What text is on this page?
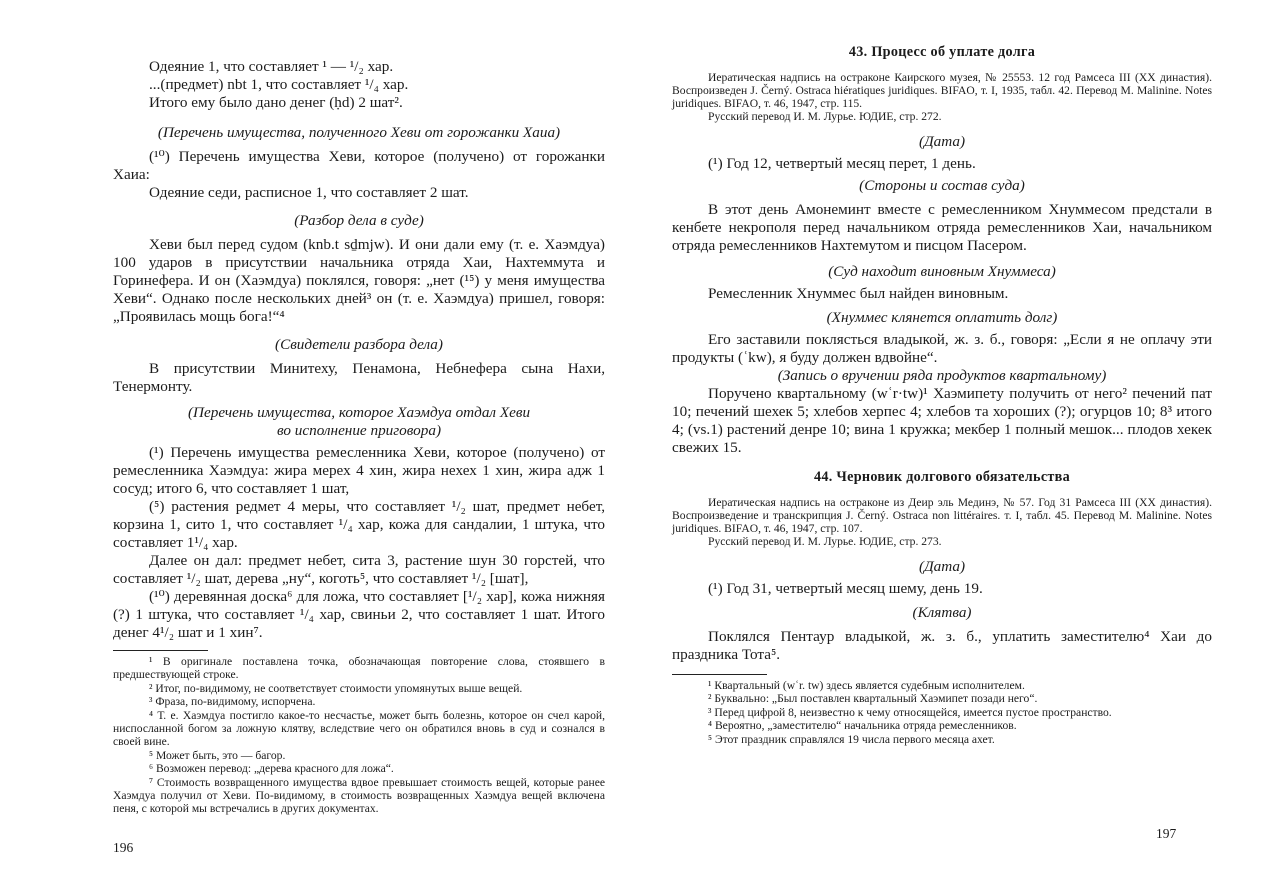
Одеяние 1, что составляет ¹ — ¹/₂ хар.

...(предмет) nbt 1, что составляет ¹/₄ хар.

Итого ему было дано денег (ḥd) 2 шат².

(Перечень имущества, полученного Хеви от горожанки Хаиа)

(¹⁰) Перечень имущества Хеви, которое (получено) от горожанки Хаиа:

Одеяние седи, расписное 1, что составляет 2 шат.

(Разбор дела в суде)

Хеви был перед судом (knb.t sḏmjw). И они дали ему (т. е. Хаэмдуа) 100 ударов в присутствии начальника отряда Хаи, Нахтеммута и Горинефера. И он (Хаэмдуа) поклялся, говоря: „нет (¹⁵) у меня имущества Хеви“. Однако после нескольких дней³ он (т. е. Хаэмдуа) пришел, говоря: „Проявилась мощь бога!“⁴

(Свидетели разбора дела)

В присутствии Минитеху, Пенамона, Небнефера сына Нахи, Тенермонту.

(Перечень имущества, которое Хаэмдуа отдал Хеви

во исполнение приговора)

(¹) Перечень имущества ремесленника Хеви, которое (получено) от ремесленника Хаэмдуа: жира мерех 4 хин, жира нехех 1 хин, жира адж 1 сосуд; итого 6, что составляет 1 шат,

(⁵) растения редмет 4 меры, что составляет ¹/₂ шат, предмет небет, корзина 1, сито 1, что составляет ¹/₄ хар, кожа для сандалии, 1 штука, что составляет 1¹/₄ хар.

Далее он дал: предмет небет, сита 3, растение шун 30 горстей, что составляет ¹/₂ шат, дерева „ну“, коготь⁵, что составляет ¹/₂ [шат],

(¹⁰) деревянная доска⁶ для ложа, что составляет [¹/₂ хар], кожа нижняя (?) 1 штука, что составляет ¹/₄ хар, свиньи 2, что составляет 1 шат. Итого денег 4¹/₂ шат и 1 хин⁷.

¹ В оригинале поставлена точка, обозначающая повторение слова, стоявшего в предшествующей строке.

² Итог, по-видимому, не соответствует стоимости упомянутых выше вещей.

³ Фраза, по-видимому, испорчена.

⁴ Т. е. Хаэмдуа постигло какое-то несчастье, может быть болезнь, которое он счел карой, ниспосланной богом за ложную клятву, вследствие чего он обратился вновь в суд и сознался в своей вине.

⁵ Может быть, это — багор.

⁶ Возможен перевод: „дерева красного для ложа“.

⁷ Стоимость возвращенного имущества вдвое превышает стоимость вещей, которые ранее Хаэмдуа получил от Хеви. По-видимому, в стоимость возвращенных Хаэмдуа вещей включена пеня, с которой мы встречались в других документах.

196

43. Процесс об уплате долга

Иератическая надпись на остраконе Каирского музея, № 25553. 12 год Рамсеса III (XX династия). Воспроизведен J. Černý. Ostraca hiératiques juridiques. BIFAO, т. I, 1935, табл. 42. Перевод M. Malinine. Notes juridiques. BIFAO, т. 46, 1947, стр. 115.

Русский перевод И. М. Лурье. ЮДИЕ, стр. 272.

(Дата)

(¹) Год 12, четвертый месяц перет, 1 день.

(Стороны и состав суда)

В этот день Амонеминт вместе с ремесленником Хнуммесом предстали в кенбете некрополя перед начальником отряда ремесленников Хаи, начальником отряда ремесленников Нахтемутом и писцом Пасером.

(Суд находит виновным Хнуммеса)

Ремесленник Хнуммес был найден виновным.

(Хнуммес клянется оплатить долг)

Его заставили поклясться владыкой, ж. з. б., говоря: „Если я не оплачу эти продукты (ʿkw), я буду должен вдвойне“.

(Запись о вручении ряда продуктов квартальному)

Поручено квартальному (wʿr·tw)¹ Хаэмипету получить от него² печений пат 10; печений шехек 5; хлебов херпес 4; хлебов та хороших (?); огурцов 10; 8³ итого 4; (vs.1) растений денре 10; вина 1 кружка; мекбер 1 полный мешок... плодов хекек свежих 15.

44. Черновик долгового обязательства

Иератическая надпись на остраконе из Деир эль Мединэ, № 57. Год 31 Рамсеса III (XX династия). Воспроизведение и транскрипция J. Černý. Ostraca non littéraires. т. I, табл. 45. Перевод M. Malinine. Notes juridiques. BIFAO, т. 46, 1947, стр. 107.

Русский перевод И. М. Лурье. ЮДИЕ, стр. 273.

(Дата)

(¹) Год 31, четвертый месяц шему, день 19.

(Клятва)

Поклялся Пентаур владыкой, ж. з. б., уплатить заместителю⁴ Хаи до праздника Тота⁵.

¹ Квартальный (wʿr. tw) здесь является судебным исполнителем.

² Буквально: „Был поставлен квартальный Хаэмипет позади него“.

³ Перед цифрой 8, неизвестно к чему относящейся, имеется пустое пространство.

⁴ Вероятно, „заместителю“ начальника отряда ремесленников.

⁵ Этот праздник справлялся 19 числа первого месяца ахет.

197
